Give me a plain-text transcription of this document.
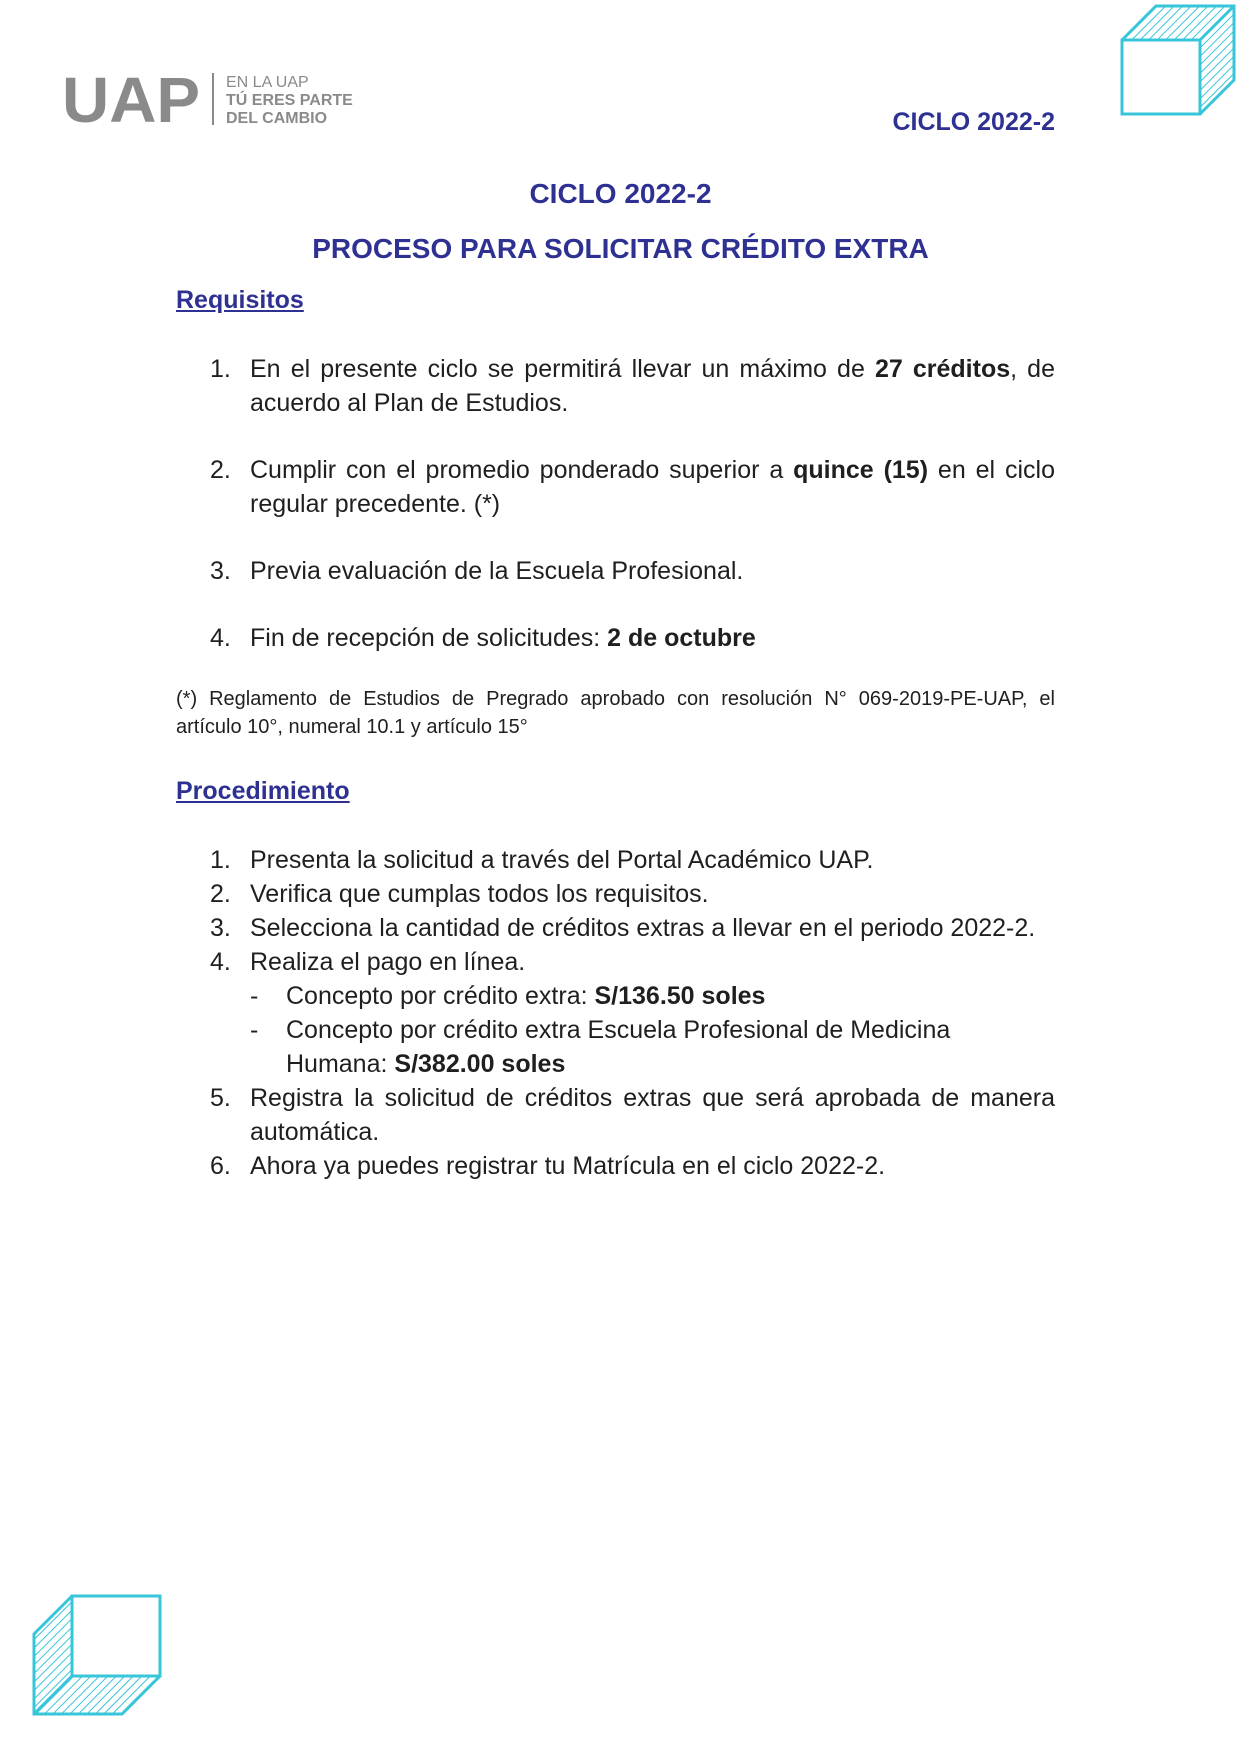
UAP EN LA UAP
TÚ ERES PARTE
DEL CAMBIO	CICLO 2022-2
CICLO 2022-2
PROCESO PARA SOLICITAR CRÉDITO EXTRA
Requisitos
1. En el presente ciclo se permitirá llevar un máximo de 27 créditos, de acuerdo al Plan de Estudios.
2. Cumplir con el promedio ponderado superior a quince (15) en el ciclo regular precedente. (*)
3. Previa evaluación de la Escuela Profesional.
4. Fin de recepción de solicitudes: 2 de octubre
(*) Reglamento de Estudios de Pregrado aprobado con resolución N° 069-2019-PE-UAP, el artículo 10°, numeral 10.1 y artículo 15°
Procedimiento
1. Presenta la solicitud a través del Portal Académico UAP.
2. Verifica que cumplas todos los requisitos.
3. Selecciona la cantidad de créditos extras a llevar en el periodo 2022-2.
4. Realiza el pago en línea.
-	Concepto por crédito extra: S/136.50 soles
-	Concepto por crédito extra Escuela Profesional de Medicina Humana: S/382.00 soles
5. Registra la solicitud de créditos extras que será aprobada de manera automática.
6. Ahora ya puedes registrar tu Matrícula en el ciclo 2022-2.
